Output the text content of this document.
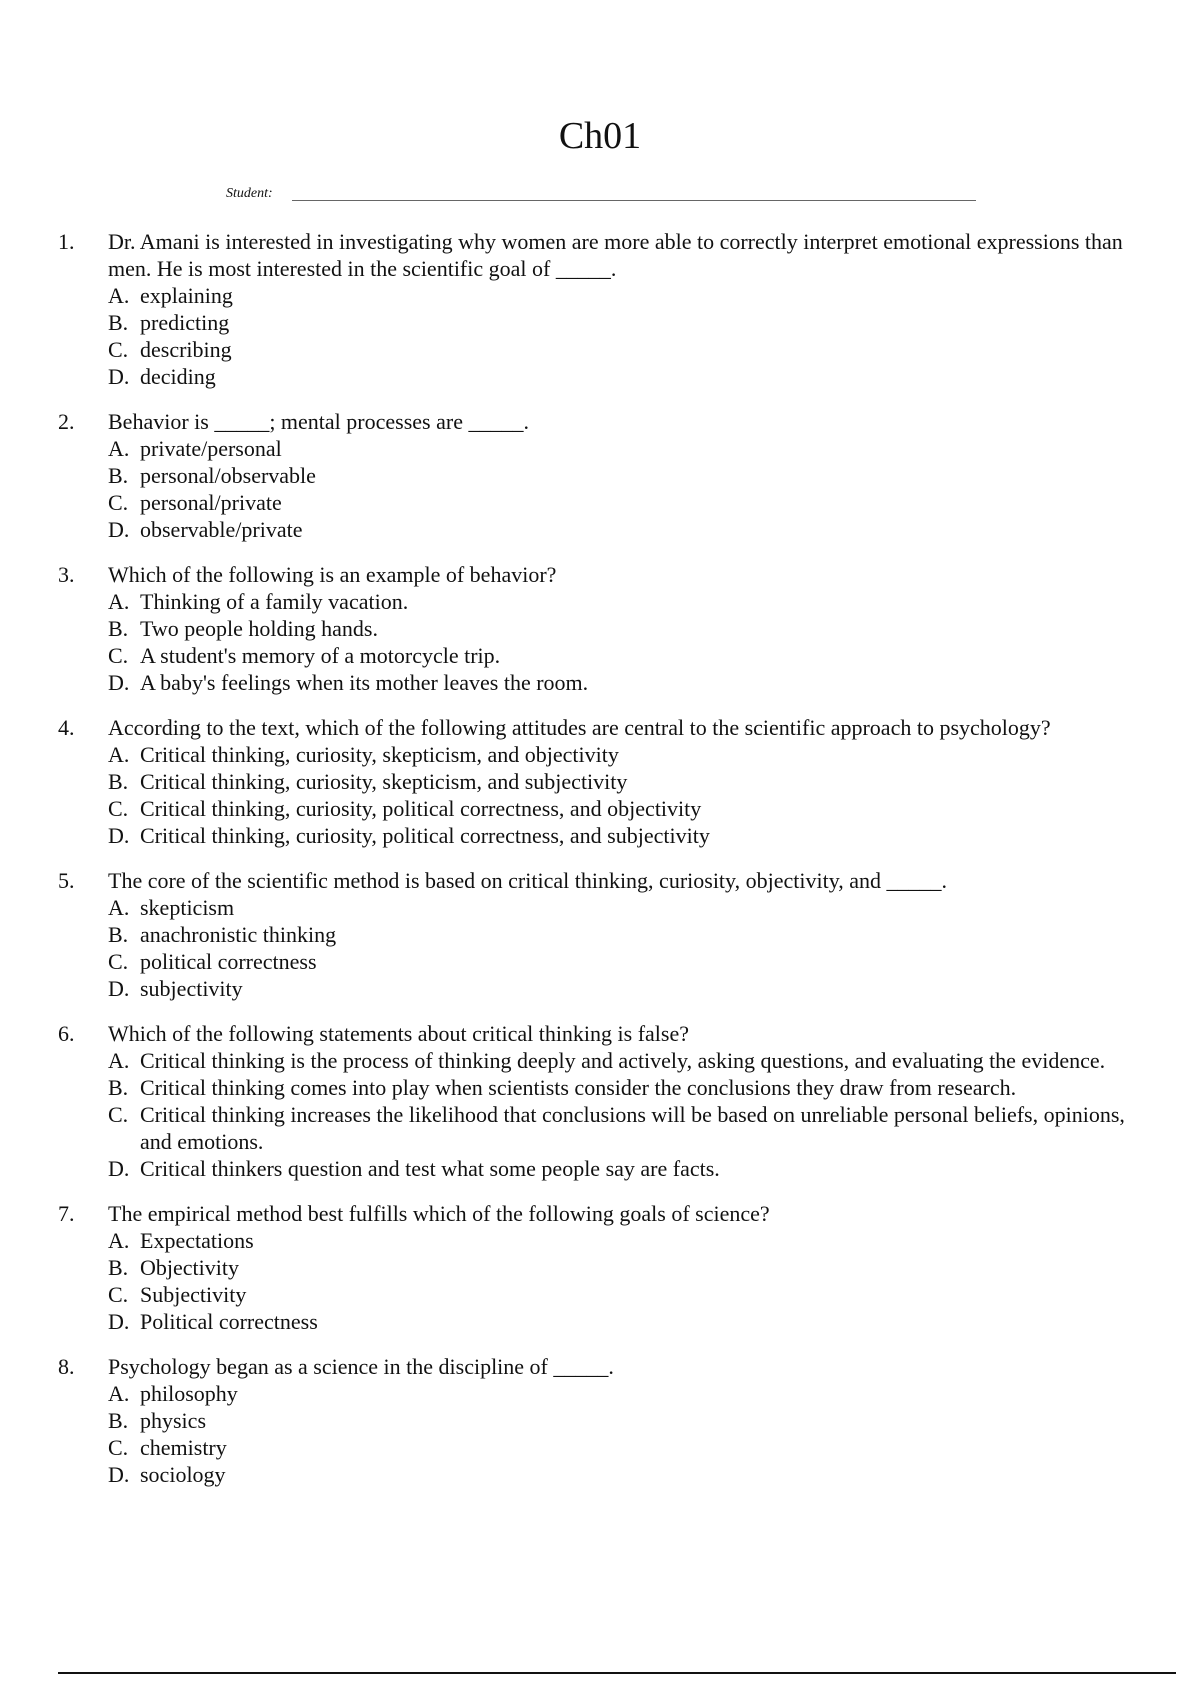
Ch01
Student:
1.	Dr. Amani is interested in investigating why women are more able to correctly interpret emotional expressions than men. He is most interested in the scientific goal of _____.
A. explaining
B. predicting
C. describing
D. deciding
2.	Behavior is _____; mental processes are _____.
A. private/personal
B. personal/observable
C. personal/private
D. observable/private
3.	Which of the following is an example of behavior?
A. Thinking of a family vacation.
B. Two people holding hands.
C. A student's memory of a motorcycle trip.
D. A baby's feelings when its mother leaves the room.
4.	According to the text, which of the following attitudes are central to the scientific approach to psychology?
A. Critical thinking, curiosity, skepticism, and objectivity
B. Critical thinking, curiosity, skepticism, and subjectivity
C. Critical thinking, curiosity, political correctness, and objectivity
D. Critical thinking, curiosity, political correctness, and subjectivity
5.	The core of the scientific method is based on critical thinking, curiosity, objectivity, and _____.
A. skepticism
B. anachronistic thinking
C. political correctness
D. subjectivity
6.	Which of the following statements about critical thinking is false?
A. Critical thinking is the process of thinking deeply and actively, asking questions, and evaluating the evidence.
B. Critical thinking comes into play when scientists consider the conclusions they draw from research.
C. Critical thinking increases the likelihood that conclusions will be based on unreliable personal beliefs, opinions, and emotions.
D. Critical thinkers question and test what some people say are facts.
7.	The empirical method best fulfills which of the following goals of science?
A. Expectations
B. Objectivity
C. Subjectivity
D. Political correctness
8.	Psychology began as a science in the discipline of _____.
A. philosophy
B. physics
C. chemistry
D. sociology
